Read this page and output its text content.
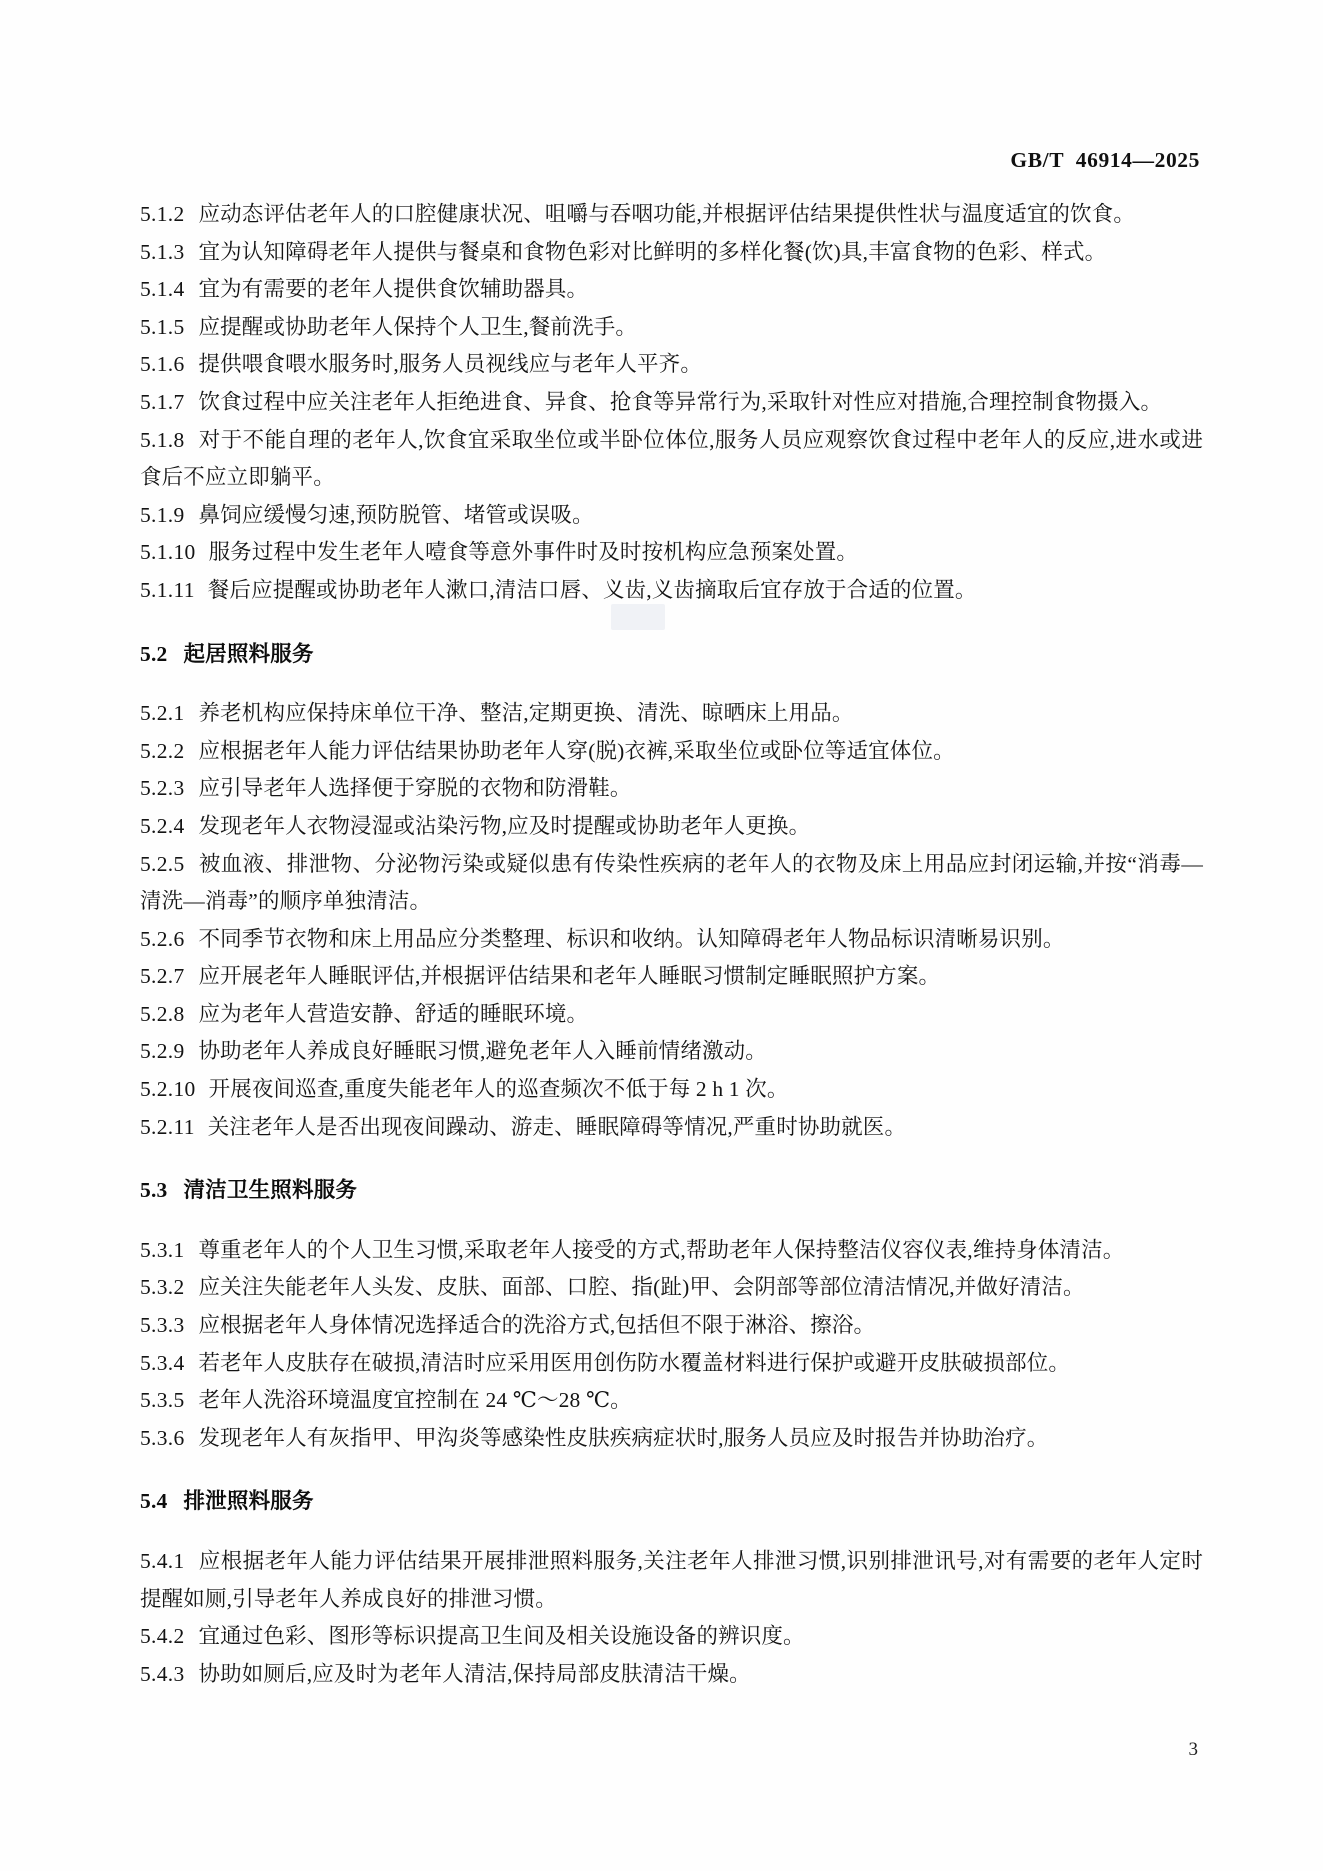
GB/T  46914—2025

5.1.2 应动态评估老年人的口腔健康状况、咀嚼与吞咽功能,并根据评估结果提供性状与温度适宜的饮食。

5.1.3 宜为认知障碍老年人提供与餐桌和食物色彩对比鲜明的多样化餐(饮)具,丰富食物的色彩、样式。

5.1.4 宜为有需要的老年人提供食饮辅助器具。

5.1.5 应提醒或协助老年人保持个人卫生,餐前洗手。

5.1.6 提供喂食喂水服务时,服务人员视线应与老年人平齐。

5.1.7 饮食过程中应关注老年人拒绝进食、异食、抢食等异常行为,采取针对性应对措施,合理控制食物摄入。

5.1.8 对于不能自理的老年人,饮食宜采取坐位或半卧位体位,服务人员应观察饮食过程中老年人的反应,进水或进食后不应立即躺平。

5.1.9 鼻饲应缓慢匀速,预防脱管、堵管或误吸。

5.1.10 服务过程中发生老年人噎食等意外事件时及时按机构应急预案处置。

5.1.11 餐后应提醒或协助老年人漱口,清洁口唇、义齿,义齿摘取后宜存放于合适的位置。

5.2 起居照料服务

5.2.1 养老机构应保持床单位干净、整洁,定期更换、清洗、晾晒床上用品。

5.2.2 应根据老年人能力评估结果协助老年人穿(脱)衣裤,采取坐位或卧位等适宜体位。

5.2.3 应引导老年人选择便于穿脱的衣物和防滑鞋。

5.2.4 发现老年人衣物浸湿或沾染污物,应及时提醒或协助老年人更换。

5.2.5 被血液、排泄物、分泌物污染或疑似患有传染性疾病的老年人的衣物及床上用品应封闭运输,并按“消毒—清洗—消毒”的顺序单独清洁。

5.2.6 不同季节衣物和床上用品应分类整理、标识和收纳。认知障碍老年人物品标识清晰易识别。

5.2.7 应开展老年人睡眠评估,并根据评估结果和老年人睡眠习惯制定睡眠照护方案。

5.2.8 应为老年人营造安静、舒适的睡眠环境。

5.2.9 协助老年人养成良好睡眠习惯,避免老年人入睡前情绪激动。

5.2.10 开展夜间巡查,重度失能老年人的巡查频次不低于每 2 h 1 次。

5.2.11 关注老年人是否出现夜间躁动、游走、睡眠障碍等情况,严重时协助就医。

5.3 清洁卫生照料服务

5.3.1 尊重老年人的个人卫生习惯,采取老年人接受的方式,帮助老年人保持整洁仪容仪表,维持身体清洁。

5.3.2 应关注失能老年人头发、皮肤、面部、口腔、指(趾)甲、会阴部等部位清洁情况,并做好清洁。

5.3.3 应根据老年人身体情况选择适合的洗浴方式,包括但不限于淋浴、擦浴。

5.3.4 若老年人皮肤存在破损,清洁时应采用医用创伤防水覆盖材料进行保护或避开皮肤破损部位。

5.3.5 老年人洗浴环境温度宜控制在 24 ℃～28 ℃。

5.3.6 发现老年人有灰指甲、甲沟炎等感染性皮肤疾病症状时,服务人员应及时报告并协助治疗。

5.4 排泄照料服务

5.4.1 应根据老年人能力评估结果开展排泄照料服务,关注老年人排泄习惯,识别排泄讯号,对有需要的老年人定时提醒如厕,引导老年人养成良好的排泄习惯。

5.4.2 宜通过色彩、图形等标识提高卫生间及相关设施设备的辨识度。

5.4.3 协助如厕后,应及时为老年人清洁,保持局部皮肤清洁干燥。

3
